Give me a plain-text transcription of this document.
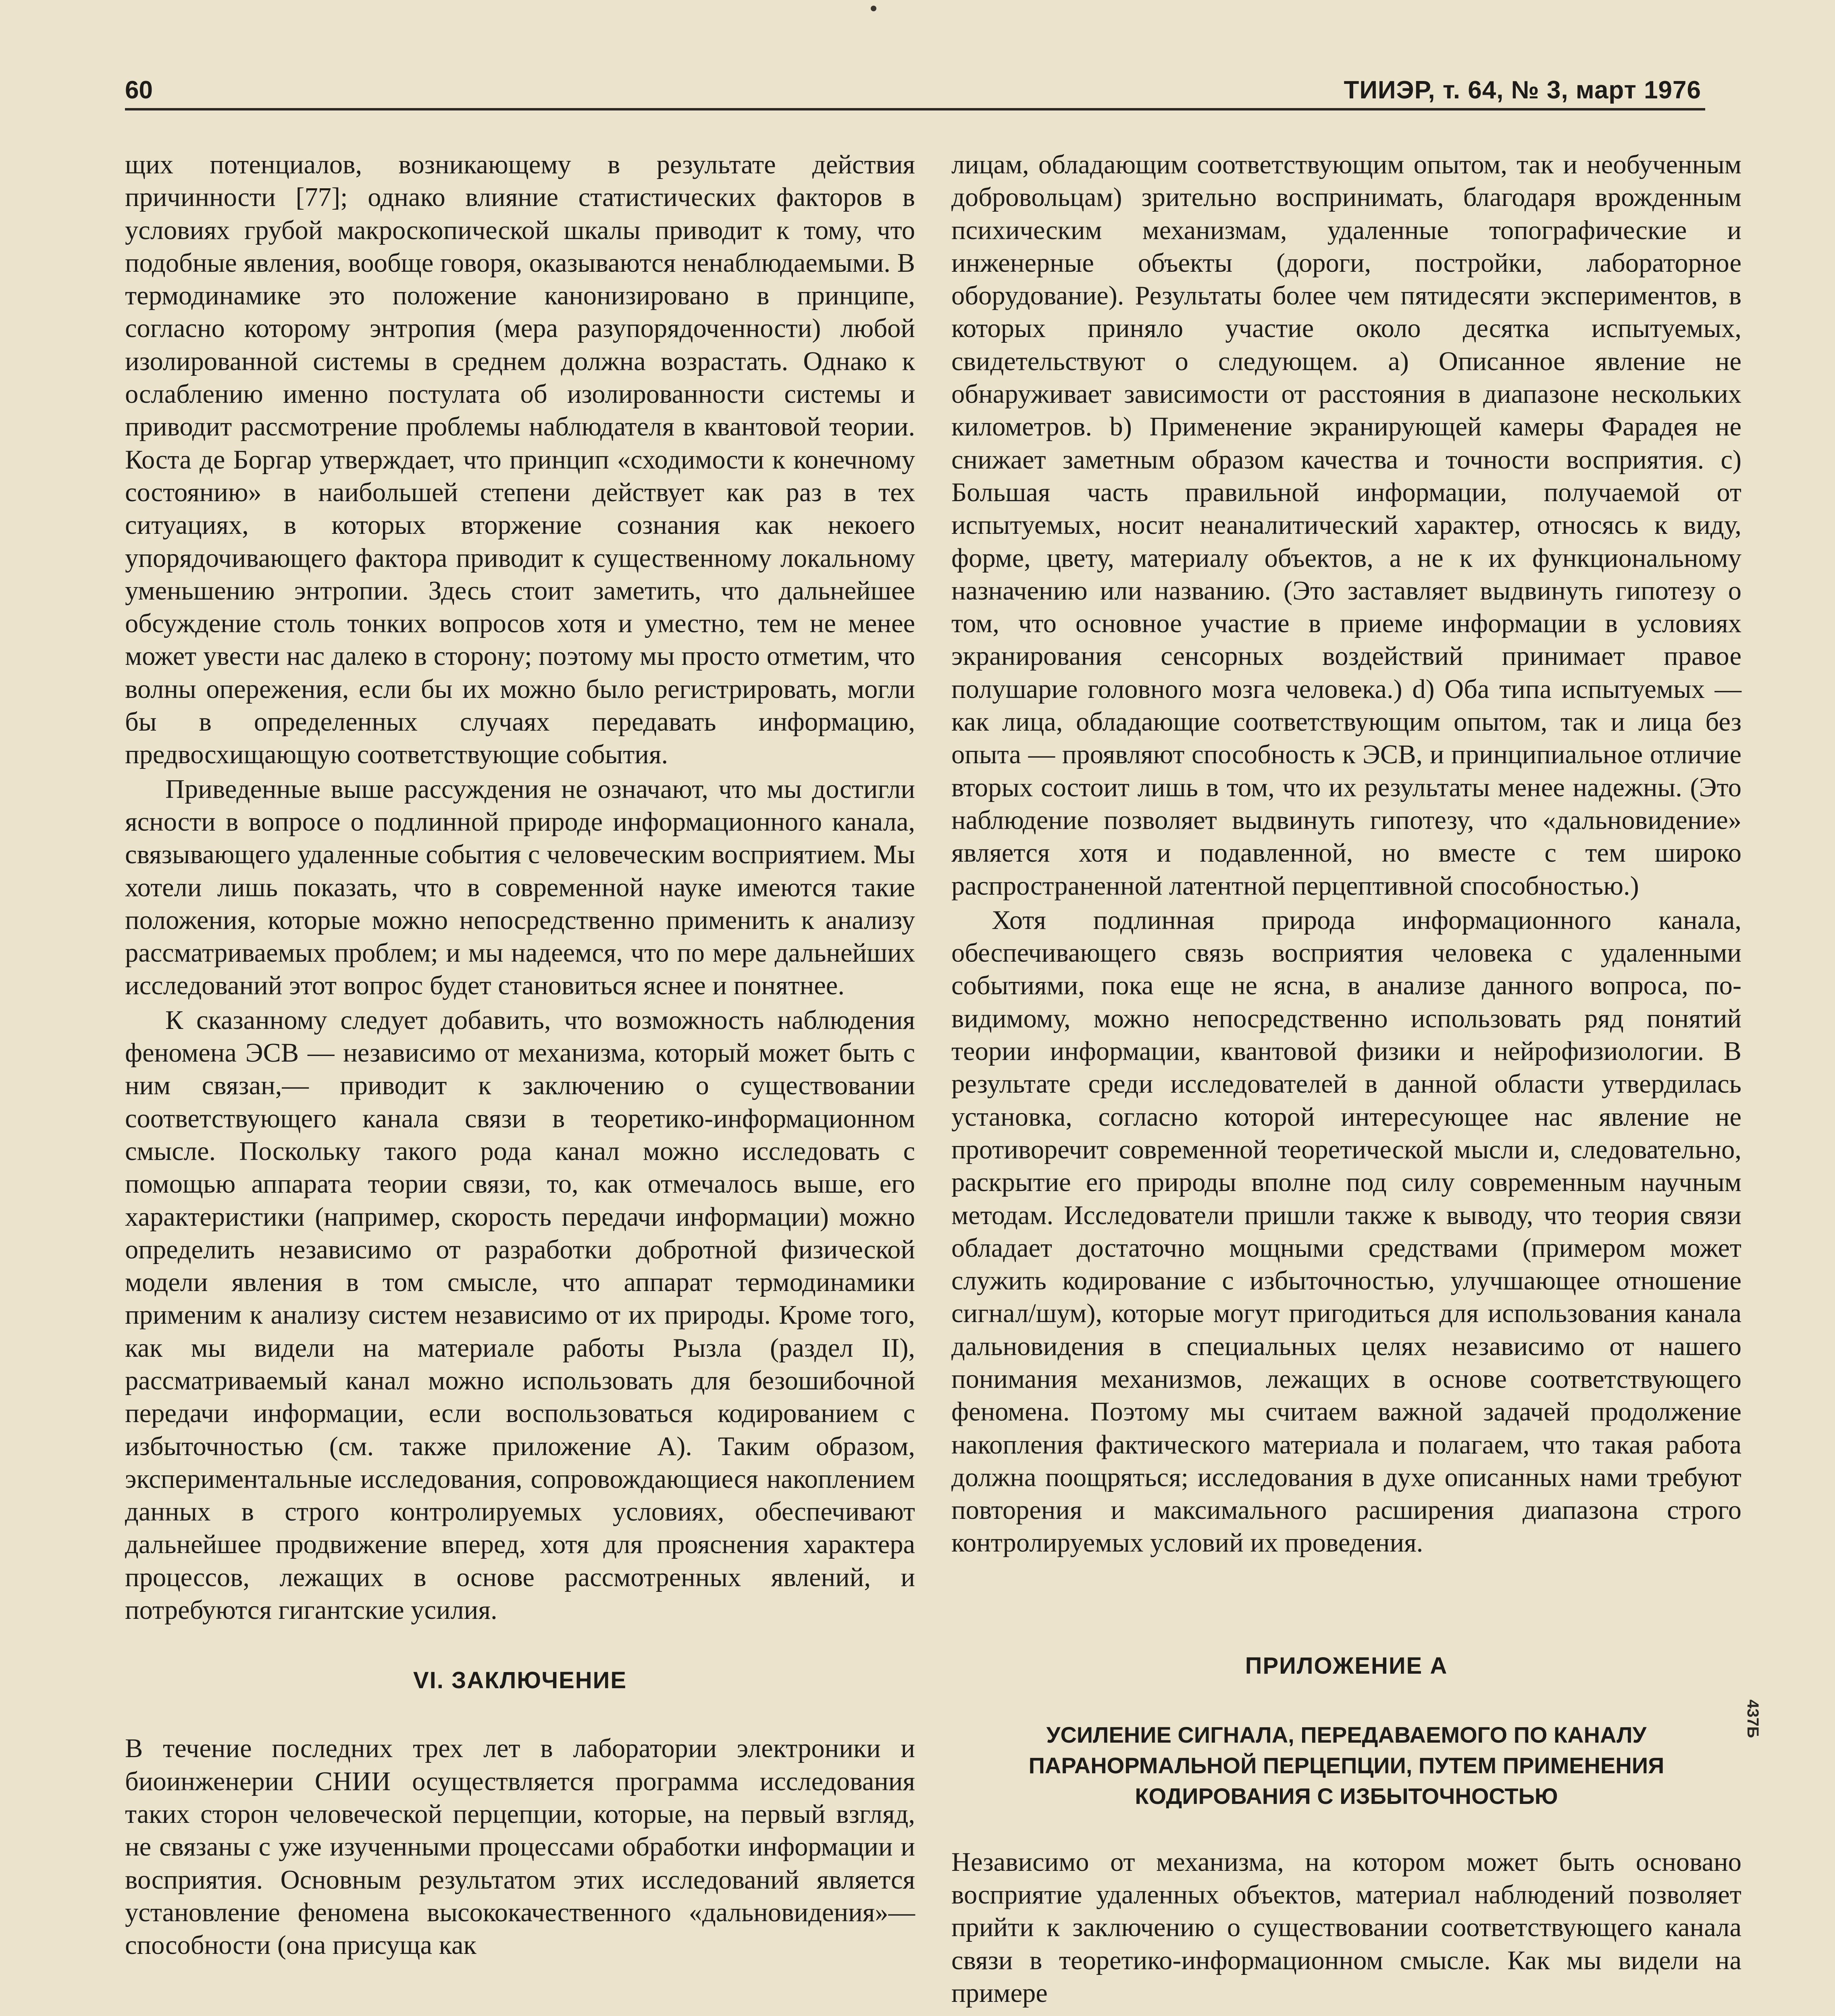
60	ТИИЭР, т. 64, № 3, март 1976

щих потенциалов, возникающему в результате действия причинности [77]; однако влияние статистических факторов в условиях грубой макроскопической шкалы приводит к тому, что подобные явления, вообще говоря, оказываются ненаблюдаемыми. В термодинамике это положение канонизировано в принципе, согласно которому энтропия (мера разупорядоченности) любой изолированной системы в среднем должна возрастать. Однако к ослаблению именно постулата об изолированности системы и приводит рассмотрение проблемы наблюдателя в квантовой теории. Коста де Боргар утверждает, что принцип «сходимости к конечному состоянию» в наибольшей степени действует как раз в тех ситуациях, в которых вторжение сознания как некоего упорядочивающего фактора приводит к существенному локальному уменьшению энтропии. Здесь стоит заметить, что дальнейшее обсуждение столь тонких вопросов хотя и уместно, тем не менее может увести нас далеко в сторону; поэтому мы просто отметим, что волны опережения, если бы их можно было регистрировать, могли бы в определенных случаях передавать информацию, предвосхищающую соответствующие события.

Приведенные выше рассуждения не означают, что мы достигли ясности в вопросе о подлинной природе информационного канала, связывающего удаленные события с человеческим восприятием. Мы хотели лишь показать, что в современной науке имеются такие положения, которые можно непосредственно применить к анализу рассматриваемых проблем; и мы надеемся, что по мере дальнейших исследований этот вопрос будет становиться яснее и понятнее.

К сказанному следует добавить, что возможность наблюдения феномена ЭСВ — независимо от механизма, который может быть с ним связан,— приводит к заключению о существовании соответствующего канала связи в теоретико-информационном смысле. Поскольку такого рода канал можно исследовать с помощью аппарата теории связи, то, как отмечалось выше, его характеристики (например, скорость передачи информации) можно определить независимо от разработки добротной физической модели явления в том смысле, что аппарат термодинамики применим к анализу систем независимо от их природы. Кроме того, как мы видели на материале работы Рызла (раздел II), рассматриваемый канал можно использовать для безошибочной передачи информации, если воспользоваться кодированием с избыточностью (см. также приложение А). Таким образом, экспериментальные исследования, сопровождающиеся накоплением данных в строго контролируемых условиях, обеспечивают дальнейшее продвижение вперед, хотя для прояснения характера процессов, лежащих в основе рассмотренных явлений, и потребуются гигантские усилия.

VI. ЗАКЛЮЧЕНИЕ

В течение последних трех лет в лаборатории электроники и биоинженерии СНИИ осуществляется программа исследования таких сторон человеческой перцепции, которые, на первый взгляд, не связаны с уже изученными процессами обработки информации и восприятия. Основным результатом этих исследований является установление феномена высококачественного «дальновидения»— способности (она присуща как

лицам, обладающим соответствующим опытом, так и необученным добровольцам) зрительно воспринимать, благодаря врожденным психическим механизмам, удаленные топографические и инженерные объекты (дороги, постройки, лабораторное оборудование). Результаты более чем пятидесяти экспериментов, в которых приняло участие около десятка испытуемых, свидетельствуют о следующем. a) Описанное явление не обнаруживает зависимости от расстояния в диапазоне нескольких километров. b) Применение экранирующей камеры Фарадея не снижает заметным образом качества и точности восприятия. c) Большая часть правильной информации, получаемой от испытуемых, носит неаналитический характер, относясь к виду, форме, цвету, материалу объектов, а не к их функциональному назначению или названию. (Это заставляет выдвинуть гипотезу о том, что основное участие в приеме информации в условиях экранирования сенсорных воздействий принимает правое полушарие головного мозга человека.) d) Оба типа испытуемых — как лица, обладающие соответствующим опытом, так и лица без опыта — проявляют способность к ЭСВ, и принципиальное отличие вторых состоит лишь в том, что их результаты менее надежны. (Это наблюдение позволяет выдвинуть гипотезу, что «дальновидение» является хотя и подавленной, но вместе с тем широко распространенной латентной перцептивной способностью.)

Хотя подлинная природа информационного канала, обеспечивающего связь восприятия человека с удаленными событиями, пока еще не ясна, в анализе данного вопроса, по-видимому, можно непосредственно использовать ряд понятий теории информации, квантовой физики и нейрофизиологии. В результате среди исследователей в данной области утвердилась установка, согласно которой интересующее нас явление не противоречит современной теоретической мысли и, следовательно, раскрытие его природы вполне под силу современным научным методам. Исследователи пришли также к выводу, что теория связи обладает достаточно мощными средствами (примером может служить кодирование с избыточностью, улучшающее отношение сигнал/шум), которые могут пригодиться для использования канала дальновидения в специальных целях независимо от нашего понимания механизмов, лежащих в основе соответствующего феномена. Поэтому мы считаем важной задачей продолжение накопления фактического материала и полагаем, что такая работа должна поощряться; исследования в духе описанных нами требуют повторения и максимального расширения диапазона строго контролируемых условий их проведения.

ПРИЛОЖЕНИЕ А
УСИЛЕНИЕ СИГНАЛА, ПЕРЕДАВАЕМОГО ПО КАНАЛУ ПАРАНОРМАЛЬНОЙ ПЕРЦЕПЦИИ, ПУТЕМ ПРИМЕНЕНИЯ КОДИРОВАНИЯ С ИЗБЫТОЧНОСТЬЮ

Независимо от механизма, на котором может быть основано восприятие удаленных объектов, материал наблюдений позволяет прийти к заключению о существовании соответствующего канала связи в теоретико-информационном смысле. Как мы видели на примере

437Б
